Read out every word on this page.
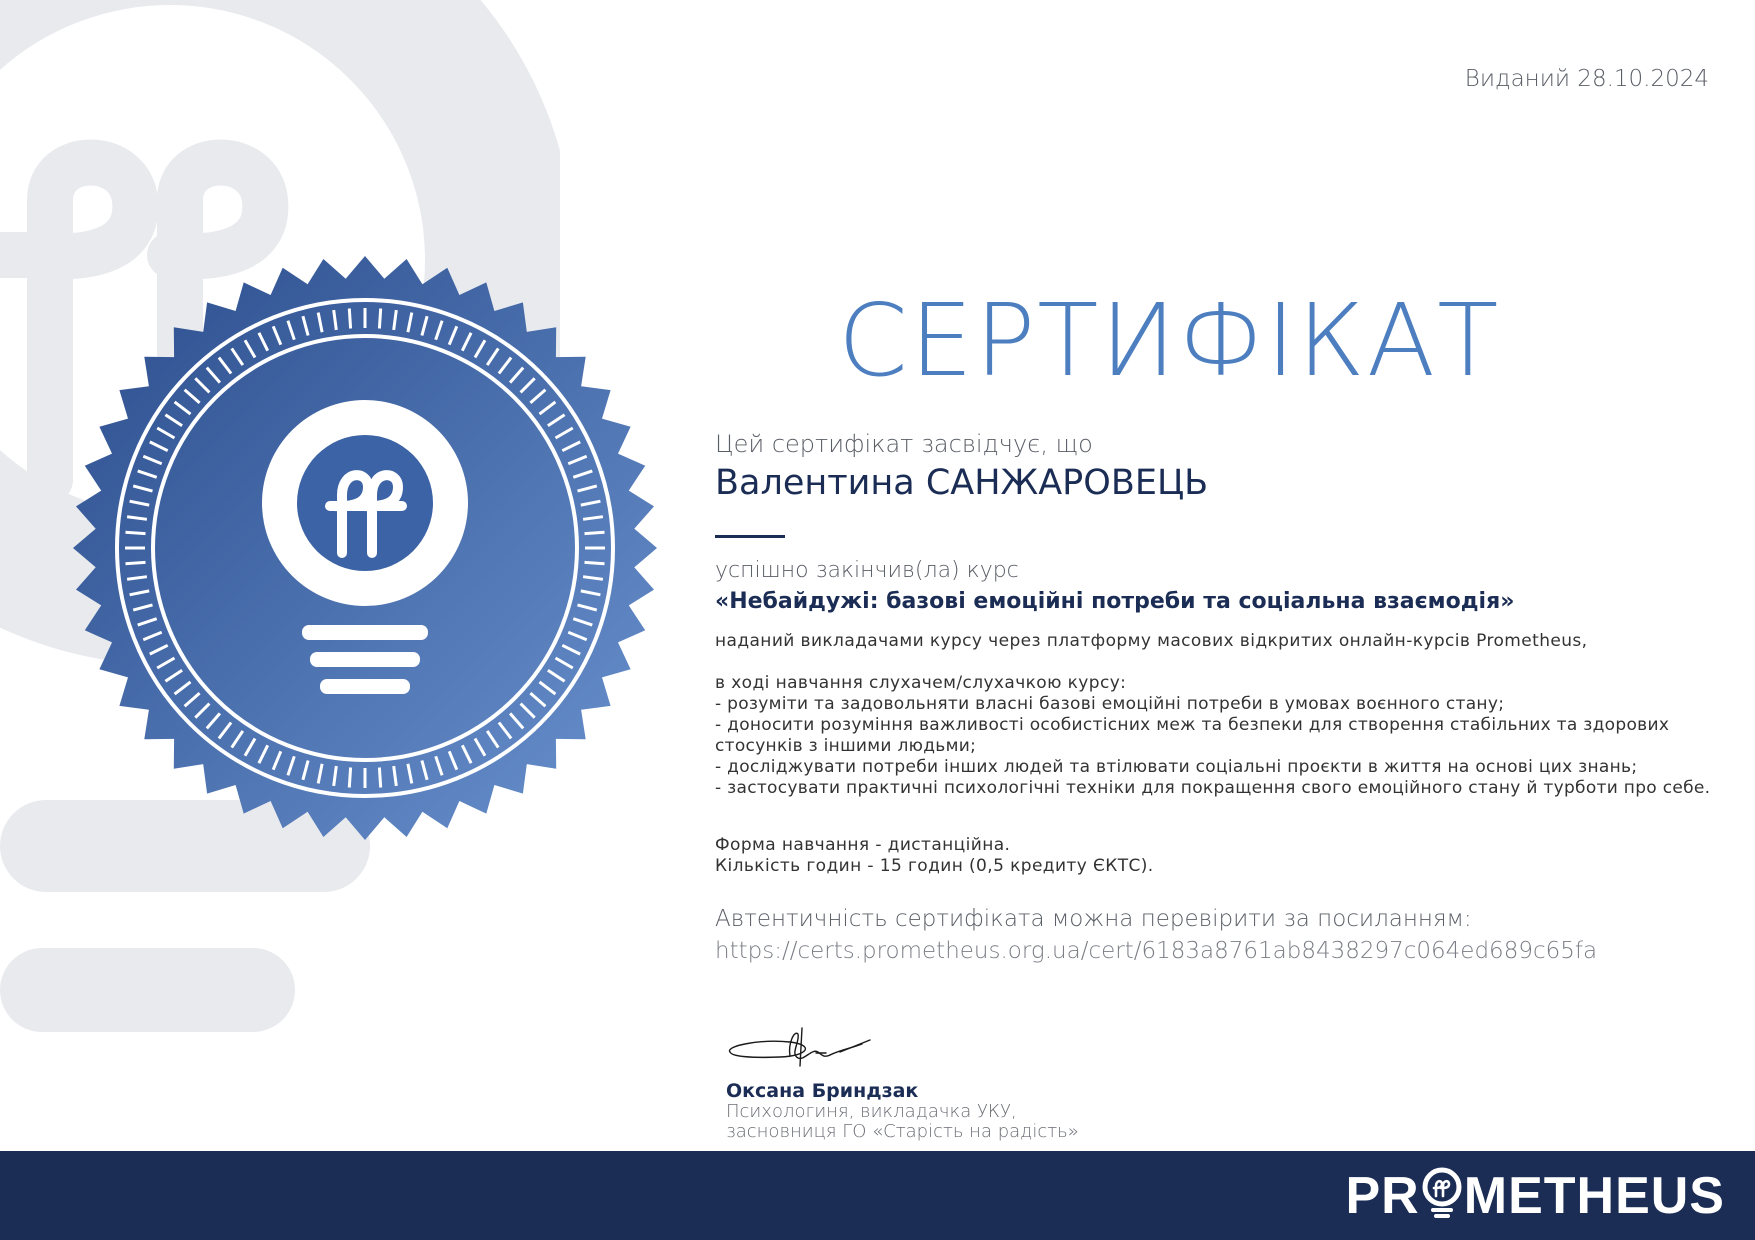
Виданий 28.10.2024
СЕРТИФІКАТ

Цей сертифікат засвідчує, що

Валентина САНЖАРОВЕЦЬ

успішно закінчив(ла) курс

«Небайдужі: базові емоційні потреби та соціальна взаємодія»

наданий викладачами курсу через платформу масових відкритих онлайн-курсів Prometheus,

в ході навчання слухачем/слухачкою курсу:

- розуміти та задовольняти власні базові емоційні потреби в умовах воєнного стану;
- доносити розуміння важливості особистісних меж та безпеки для створення стабільних та здорових стосунків з іншими людьми;
- досліджувати потреби інших людей та втілювати соціальні проєкти в життя на основі цих знань;
- застосувати практичні психологічні техніки для покращення свого емоційного стану й турботи про себе.

Форма навчання - дистанційна.
Кількість годин - 15 годин (0,5 кредиту ЄКТС).

Автентичність сертифіката можна перевірити за посиланням:

https://certs.prometheus.org.ua/cert/6183a8761ab8438297c064ed689c65fa

Оксана Бриндзак

Психологиня, викладачка УКУ,

засновниця ГО «Старість на радість»

PR METHEUS
